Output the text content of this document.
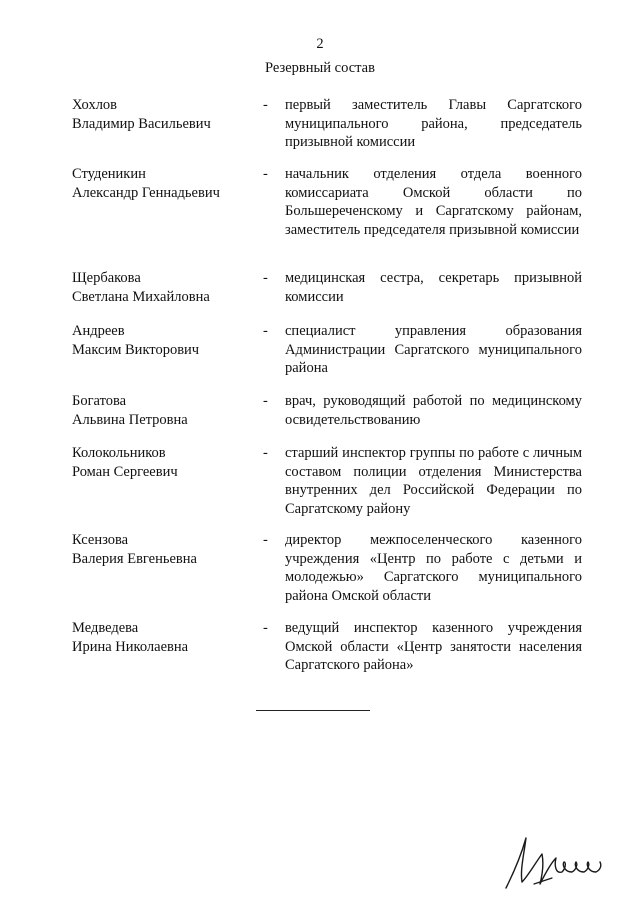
2
Резервный состав
Хохлов
Владимир Васильевич
- первый заместитель Главы Саргатского муниципального района, председатель призывной комиссии
Студеникин
Александр Геннадьевич
- начальник отделения отдела военного комиссариата Омской области по Большереченскому и Саргатскому районам, заместитель председателя призывной комиссии
Щербакова
Светлана Михайловна
- медицинская сестра, секретарь призывной комиссии
Андреев
Максим Викторович
- специалист управления образования Администрации Саргатского муниципального района
Богатова
Альвина Петровна
- врач, руководящий работой по медицинскому освидетельствованию
Колокольников
Роман Сергеевич
- старший инспектор группы по работе с личным составом полиции отделения Министерства внутренних дел Российской Федерации по Саргатскому району
Ксензова
Валерия Евгеньевна
- директор межпоселенческого казенного учреждения «Центр по работе с детьми и молодежью» Саргатского муниципального района Омской области
Медведева
Ирина Николаевна
- ведущий инспектор казенного учреждения Омской области «Центр занятости населения Саргатского района»
